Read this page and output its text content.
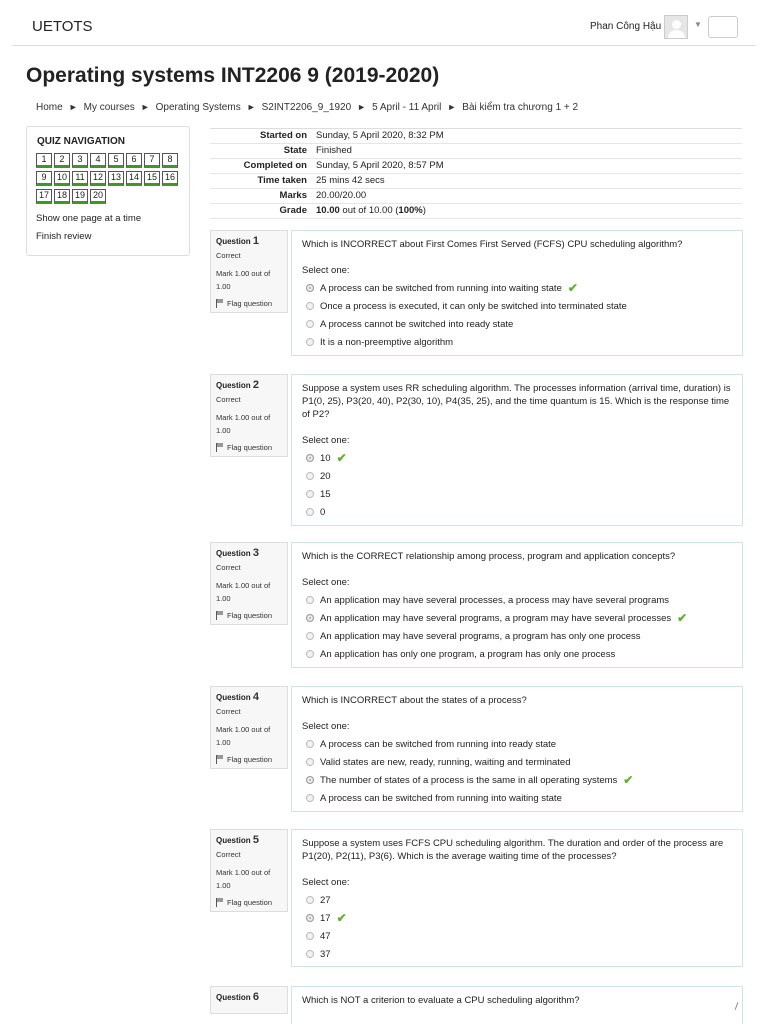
UETOTS	Phan Công Hậu	▼
Operating systems INT2206 9 (2019-2020)
Home ► My courses ► Operating Systems ► S2INT2206_9_1920 ► 5 April - 11 April ► Bài kiểm tra chương 1 + 2
QUIZ NAVIGATION
1	2	3	4	5	6	7	8
9	10 11 12 13 14 15 16
17 18 19 20
Show one page at a time
Finish review
Started on Sunday, 5 April 2020, 8:32 PM
State Finished
Completed on Sunday, 5 April 2020, 8:57 PM
Time taken 25 mins 42 secs
Marks 20.00/20.00
Grade 10.00 out of 10.00 (100%)
Question 1
Correct
Mark 1.00 out of 1.00
Flag question
Which is INCORRECT about First Comes First Served (FCFS) CPU scheduling algorithm?
Select one:
A process can be switched from running into waiting state ✔
Once a process is executed, it can only be switched into terminated state
A process cannot be switched into ready state
It is a non-preemptive algorithm
Question 2
Correct
Mark 1.00 out of 1.00
Flag question
Suppose a system uses RR scheduling algorithm. The processes information (arrival time, duration) is P1(0, 25), P3(20, 40), P2(30, 10), P4(35, 25), and the time quantum is 15. Which is the response time of P2?
Select one:
10 ✔
20
15
0
Question 3
Correct
Mark 1.00 out of 1.00
Flag question
Which is the CORRECT relationship among process, program and application concepts?
Select one:
An application may have several processes, a process may have several programs
An application may have several programs, a program may have several processes ✔
An application may have several programs, a program has only one process
An application has only one program, a program has only one process
Question 4
Correct
Mark 1.00 out of 1.00
Flag question
Which is INCORRECT about the states of a process?
Select one:
A process can be switched from running into ready state
Valid states are new, ready, running, waiting and terminated
The number of states of a process is the same in all operating systems ✔
A process can be switched from running into waiting state
Question 5
Correct
Mark 1.00 out of 1.00
Flag question
Suppose a system uses FCFS CPU scheduling algorithm. The duration and order of the process are P1(20), P2(11), P3(6). Which is the average waiting time of the processes?
Select one:
27
17 ✔
47
37
Question 6	Which is NOT a criterion to evaluate a CPU scheduling algorithm?
